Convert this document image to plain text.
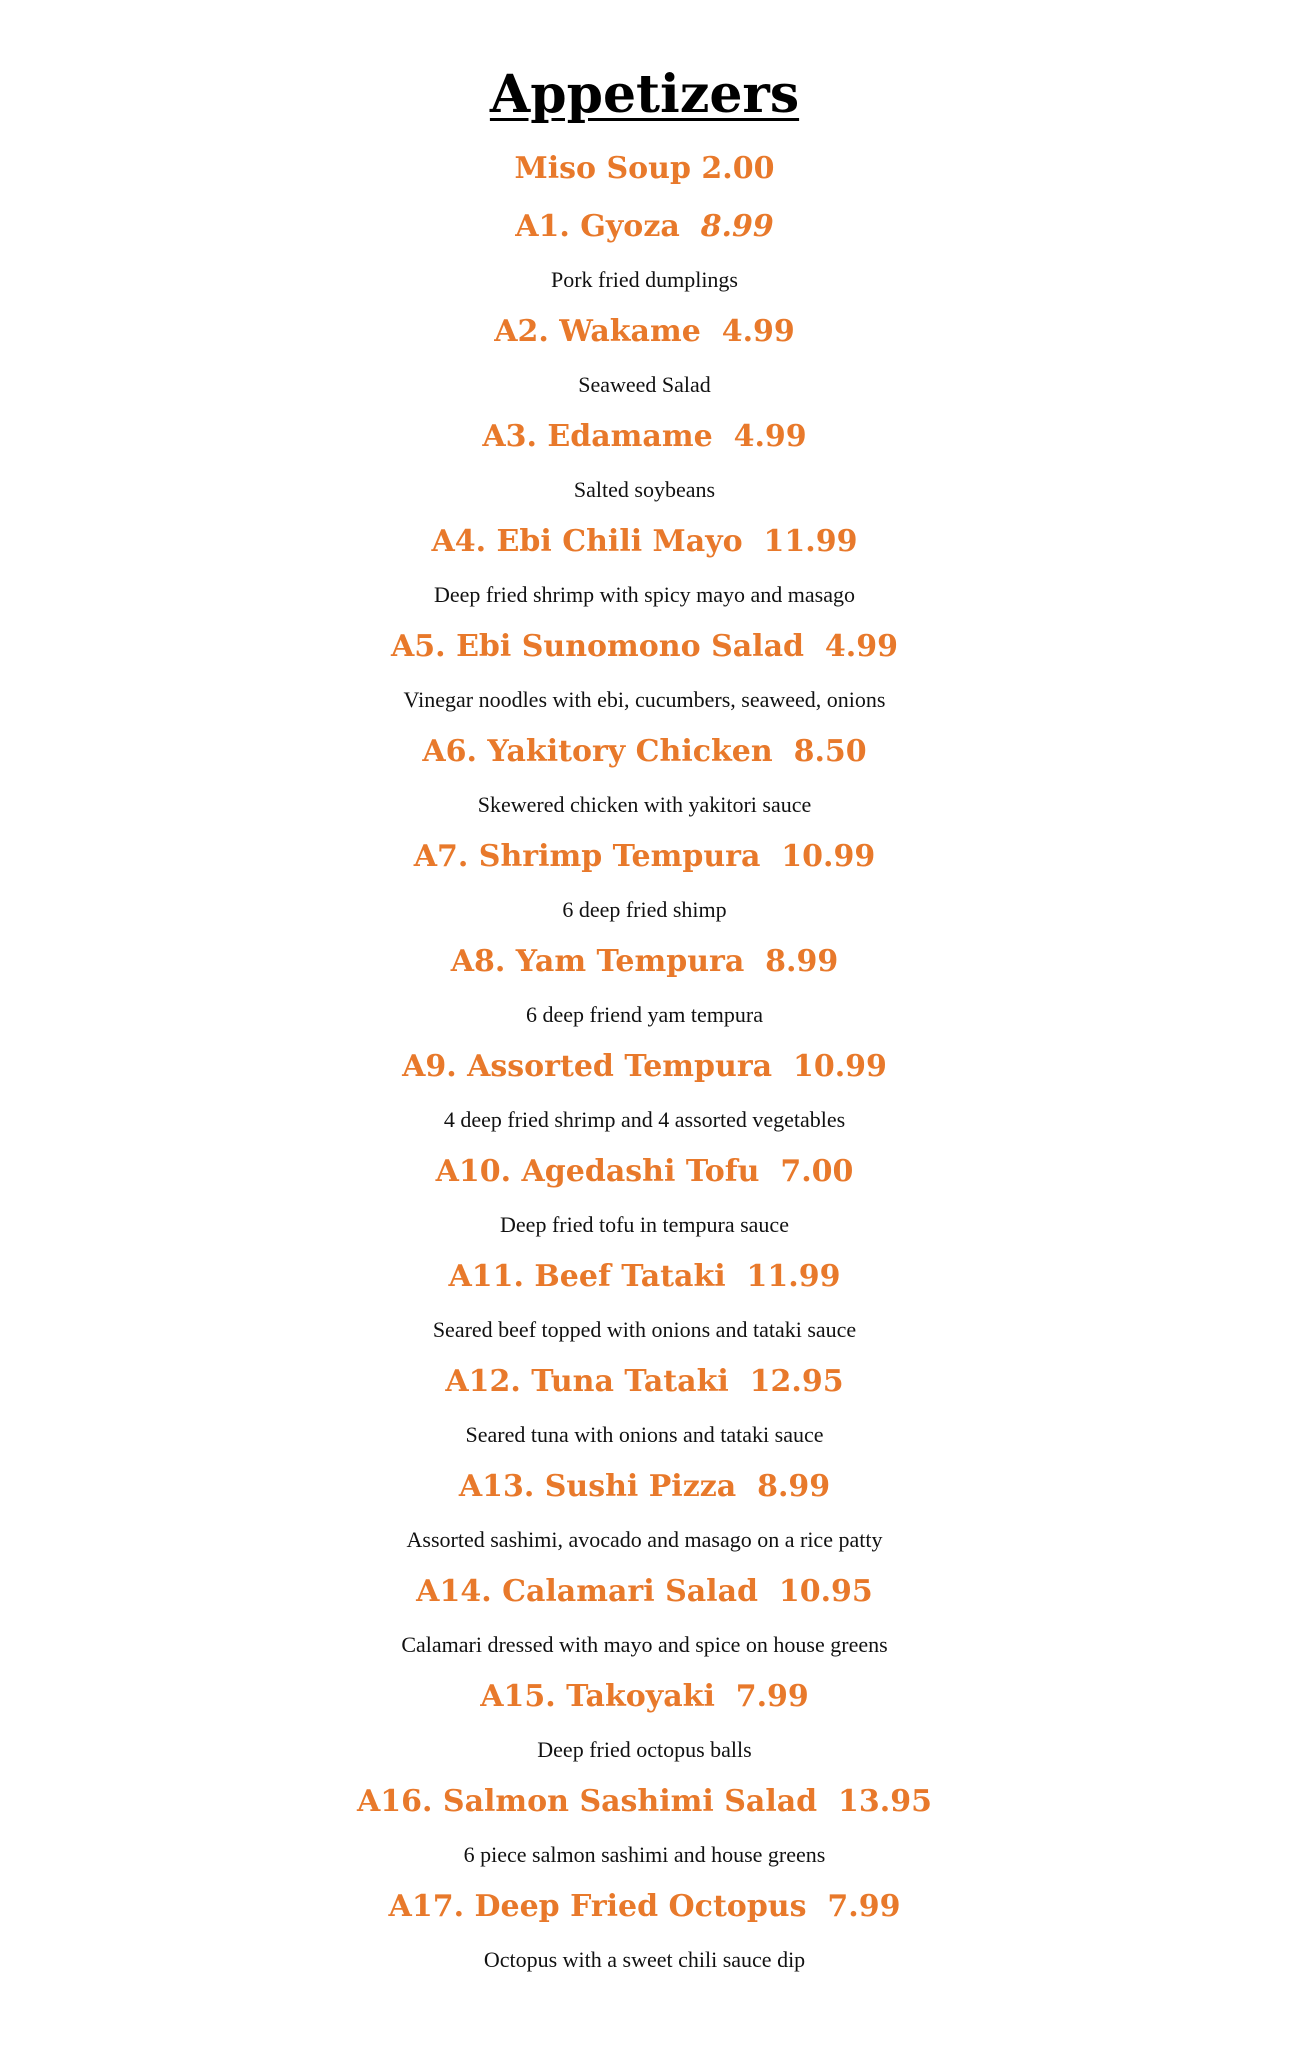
Appetizers
Miso Soup 2.00
A1. Gyoza 8.99
Pork fried dumplings
A2. Wakame  4.99
Seaweed Salad
A3. Edamame  4.99
Salted soybeans
A4. Ebi Chili Mayo  11.99
Deep fried shrimp with spicy mayo and masago
A5. Ebi Sunomono Salad  4.99
Vinegar noodles with ebi, cucumbers, seaweed, onions
A6. Yakitory Chicken  8.50
Skewered chicken with yakitori sauce
A7. Shrimp Tempura  10.99
6 deep fried shimp
A8. Yam Tempura  8.99
6 deep friend yam tempura
A9. Assorted Tempura  10.99
4 deep fried shrimp and 4 assorted vegetables
A10. Agedashi Tofu  7.00
Deep fried tofu in tempura sauce
A11. Beef Tataki  11.99
Seared beef topped with onions and tataki sauce
A12. Tuna Tataki  12.95
Seared tuna with onions and tataki sauce
A13. Sushi Pizza  8.99
Assorted sashimi, avocado and masago on a rice patty
A14. Calamari Salad  10.95
Calamari dressed with mayo and spice on house greens
A15. Takoyaki  7.99
Deep fried octopus balls
A16. Salmon Sashimi Salad  13.95
6 piece salmon sashimi and house greens
A17. Deep Fried Octopus  7.99
Octopus with a sweet chili sauce dip
